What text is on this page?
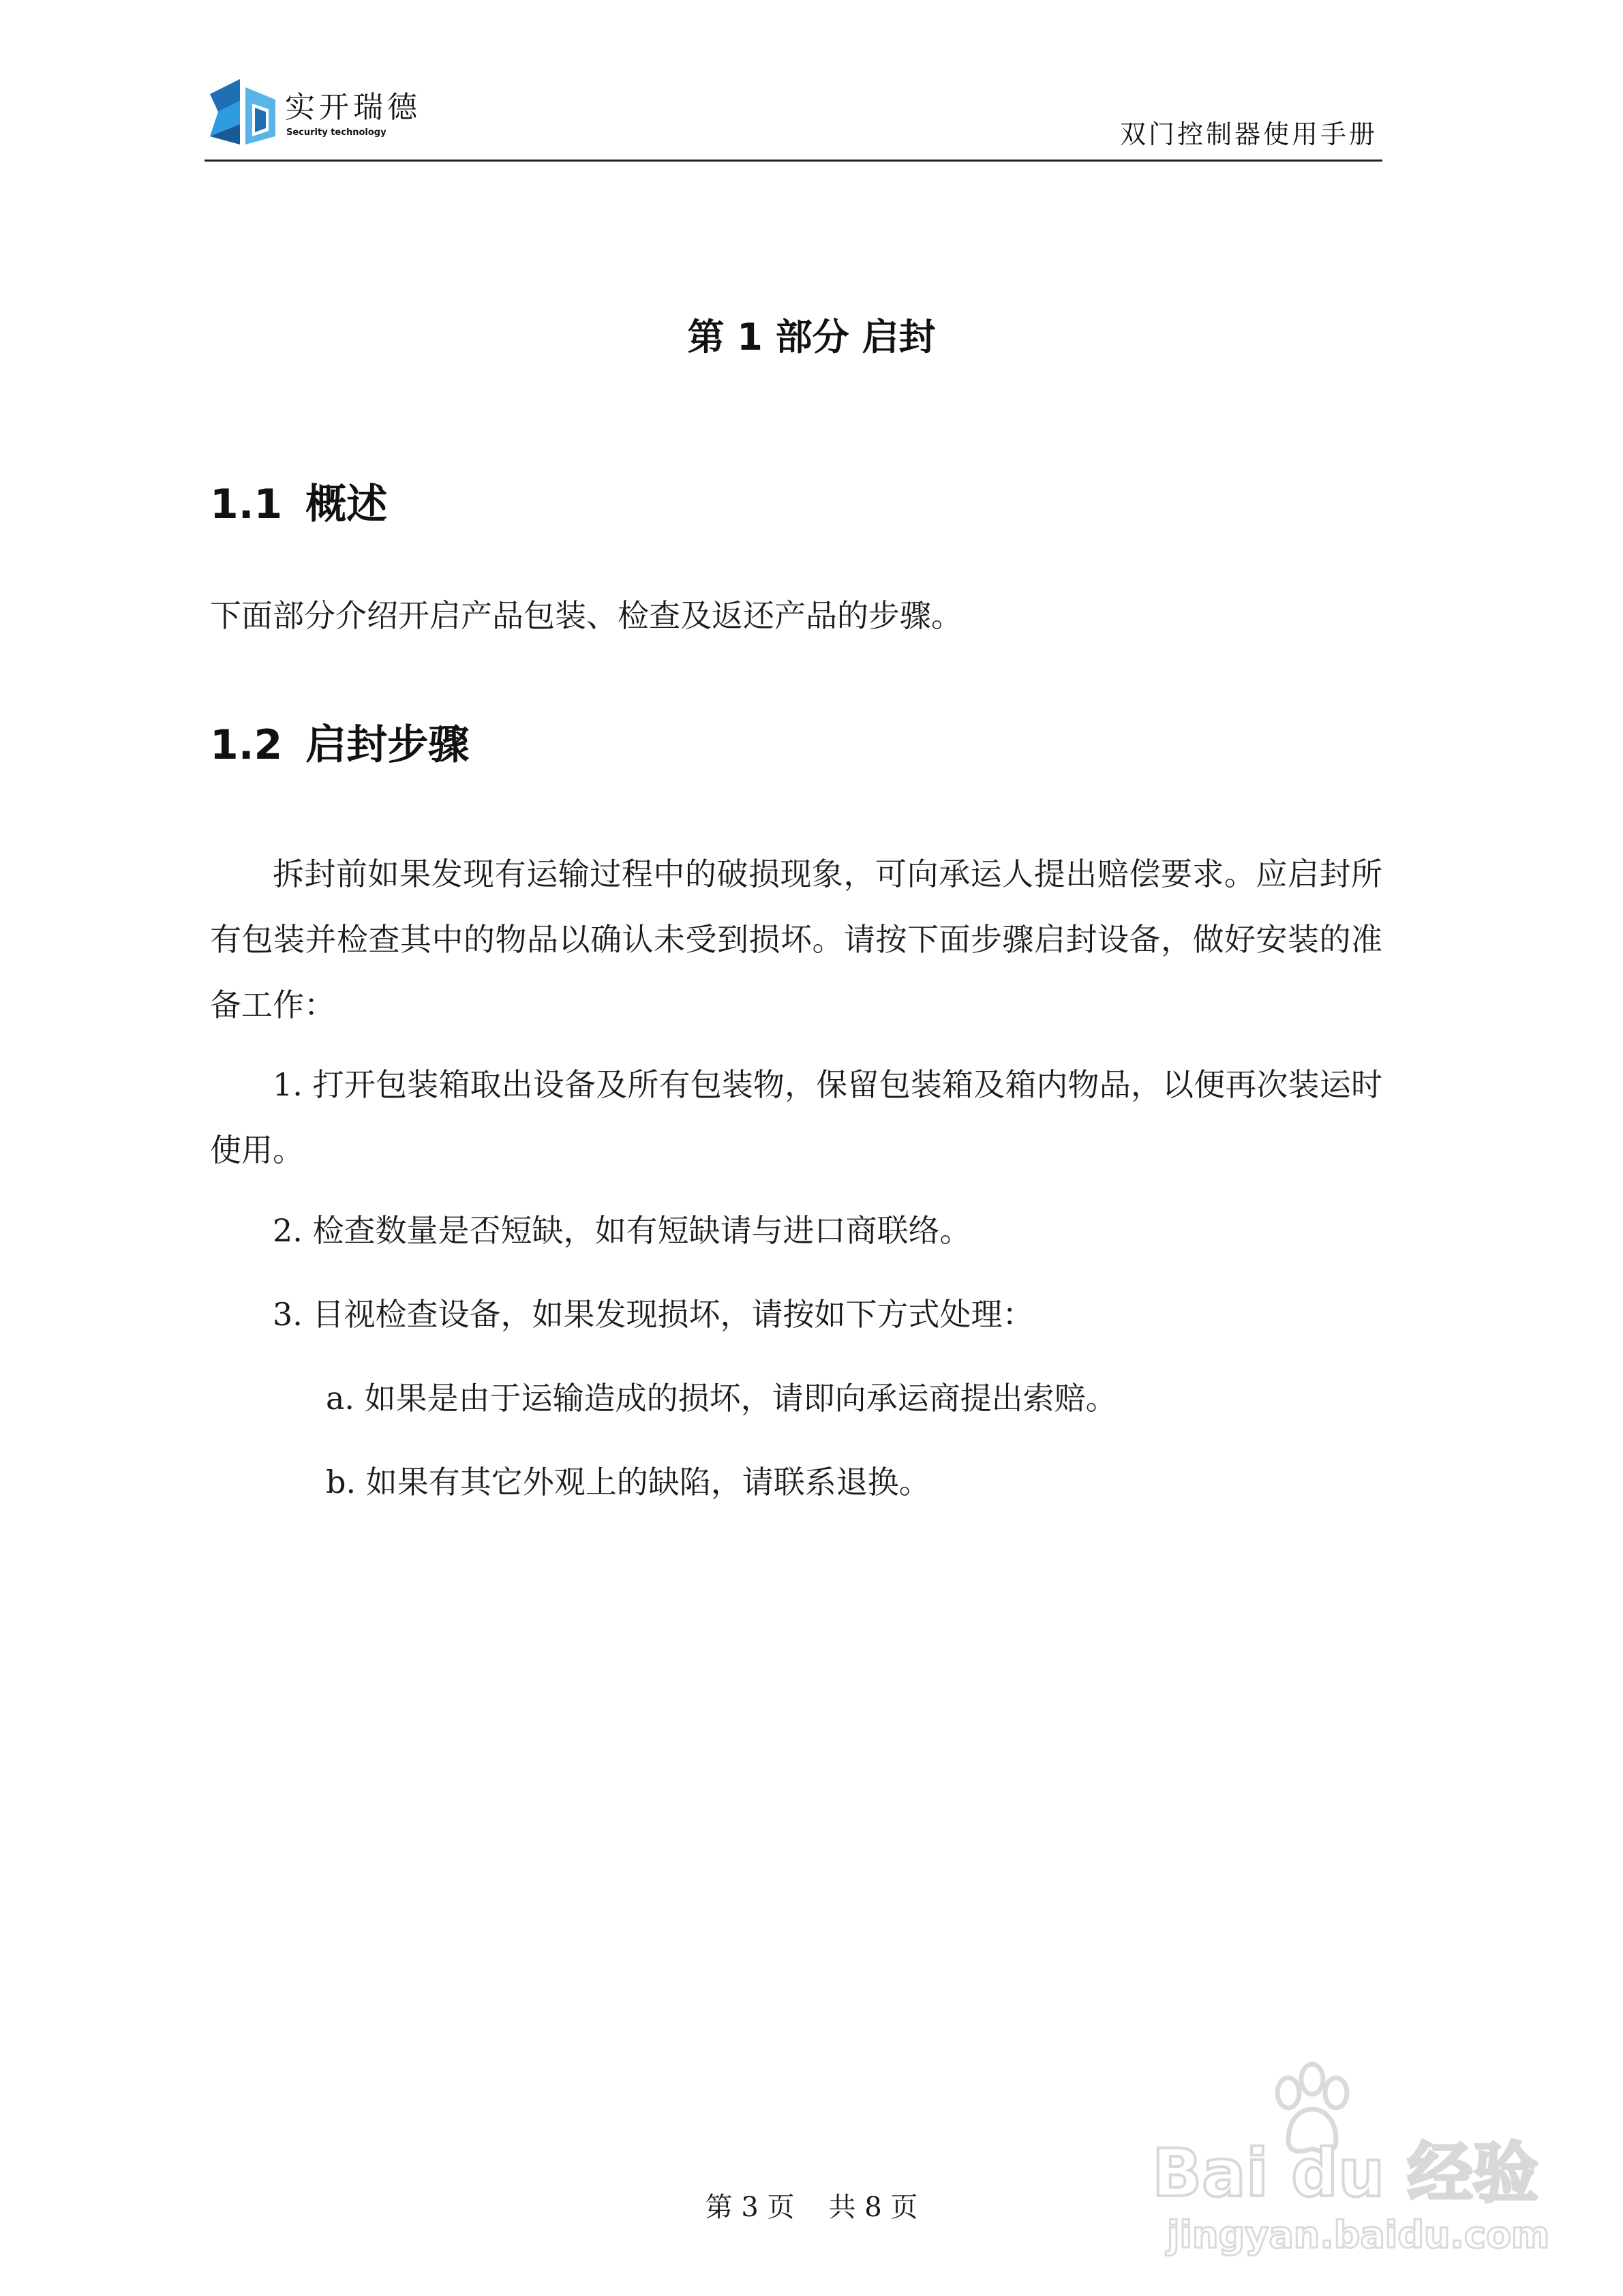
实开瑞德
Security technology	双门控制器使用手册
第 1 部分 启封
1.1 概述
下面部分介绍开启产品包装、检查及返还产品的步骤。
1.2 启封步骤
拆封前如果发现有运输过程中的破损现象，可向承运人提出赔偿要求。应启封所有包装并检查其中的物品以确认未受到损坏。请按下面步骤启封设备，做好安装的准备工作：
1. 打开包装箱取出设备及所有包装物，保留包装箱及箱内物品，以便再次装运时使用。
2. 检查数量是否短缺，如有短缺请与进口商联络。
3. 目视检查设备，如果发现损坏，请按如下方式处理：
a. 如果是由于运输造成的损坏，请即向承运商提出索赔。
b. 如果有其它外观上的缺陷，请联系退换。
第 3 页 共 8 页	Bai du 经验
jingyan.baidu.com
